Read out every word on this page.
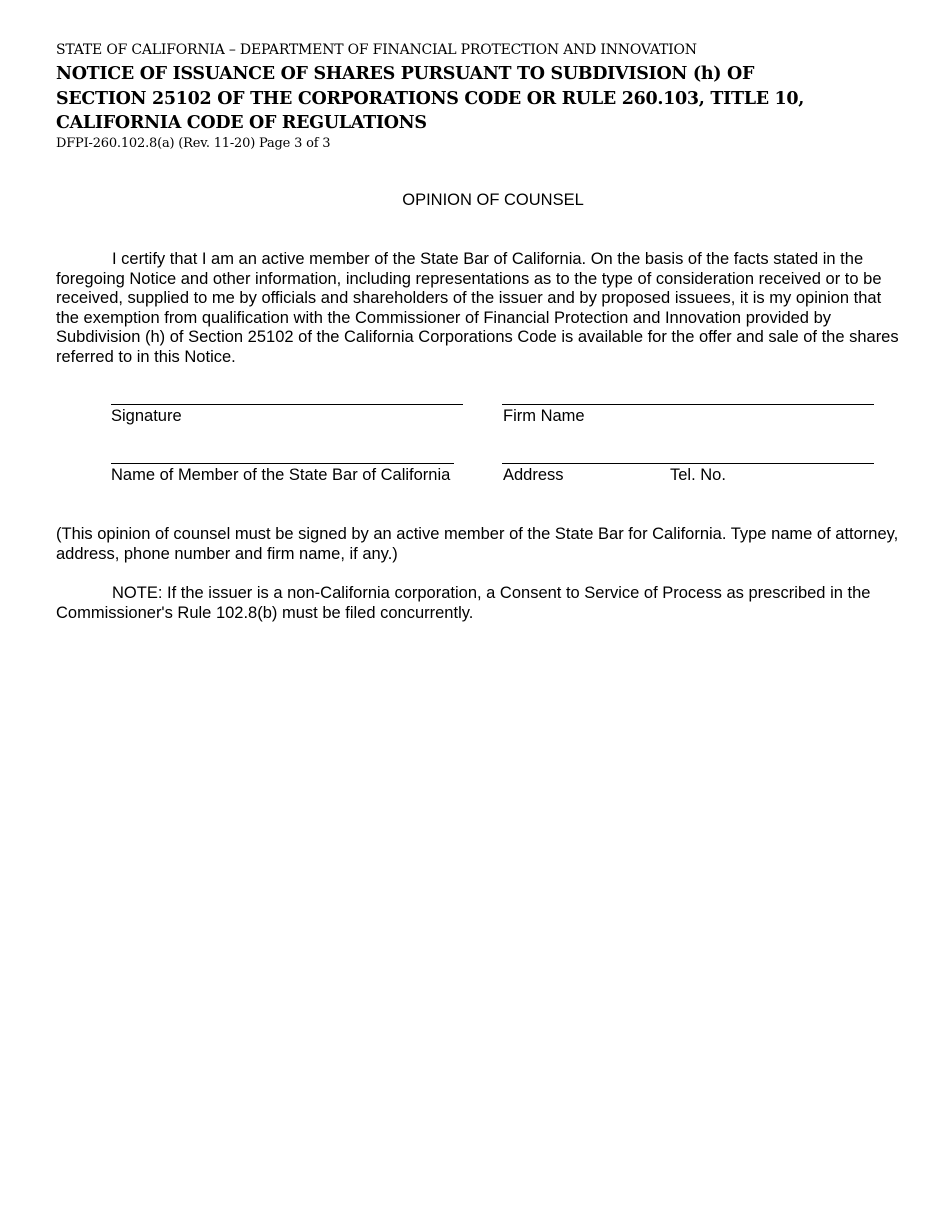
STATE OF CALIFORNIA – DEPARTMENT OF FINANCIAL PROTECTION AND INNOVATION
NOTICE OF ISSUANCE OF SHARES PURSUANT TO SUBDIVISION (h) OF SECTION 25102 OF THE CORPORATIONS CODE OR RULE 260.103, TITLE 10, CALIFORNIA CODE OF REGULATIONS
DFPI-260.102.8(a) (Rev. 11-20) Page 3 of 3
OPINION OF COUNSEL

I certify that I am an active member of the State Bar of California. On the basis of the facts stated in the foregoing Notice and other information, including representations as to the type of consideration received or to be received, supplied to me by officials and shareholders of the issuer and by proposed issuees, it is my opinion that the exemption from qualification with the Commissioner of Financial Protection and Innovation provided by Subdivision (h) of Section 25102 of the California Corporations Code is available for the offer and sale of the shares referred to in this Notice.

Signature	Firm Name
Name of Member of the State Bar of California	Address	Tel. No.

(This opinion of counsel must be signed by an active member of the State Bar for California. Type name of attorney, address, phone number and firm name, if any.)

NOTE: If the issuer is a non-California corporation, a Consent to Service of Process as prescribed in the Commissioner's Rule 102.8(b) must be filed concurrently.
